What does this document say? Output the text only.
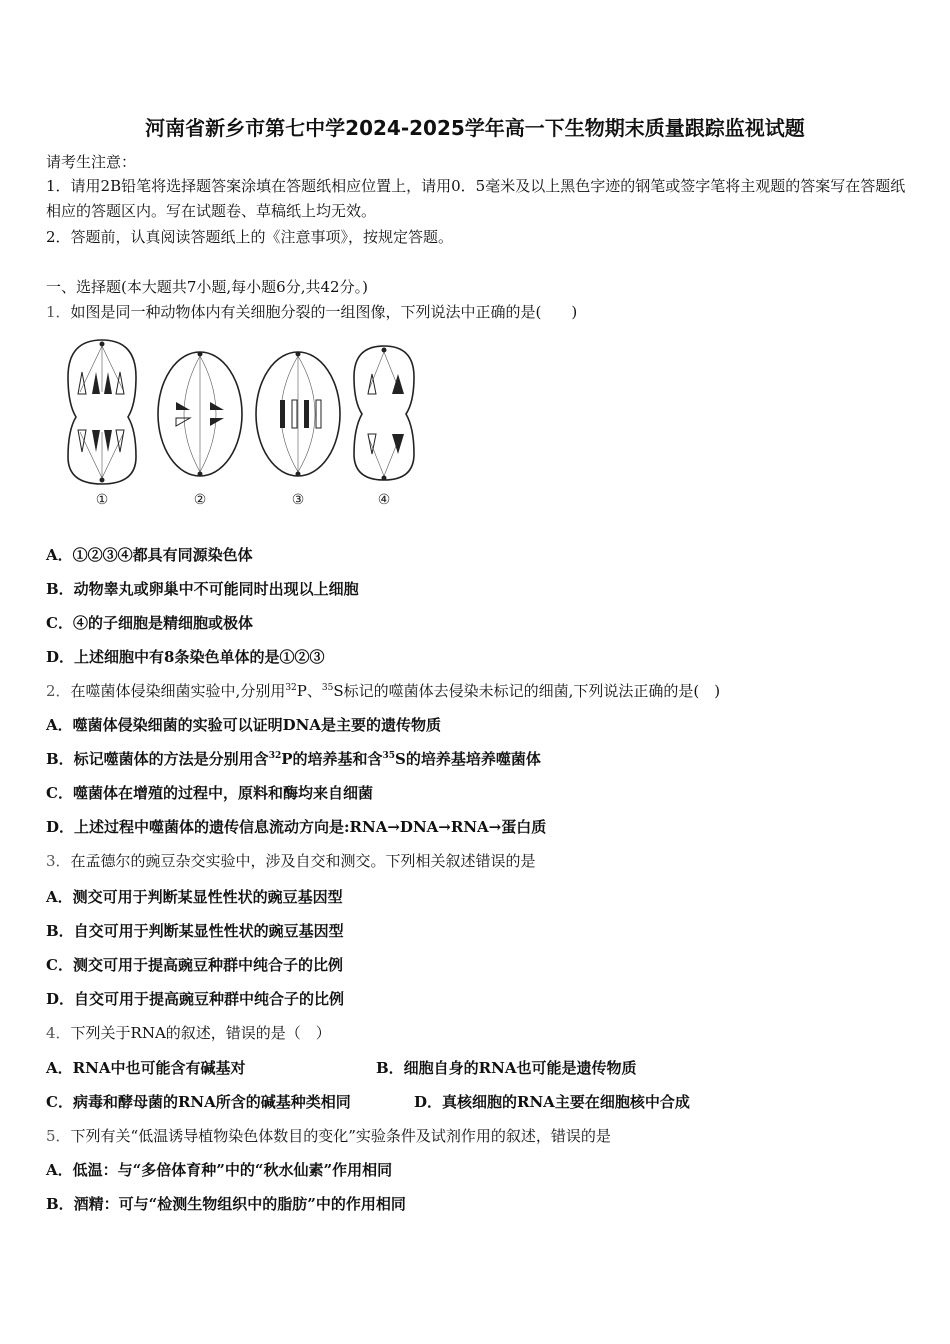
河南省新乡市第七中学2024-2025学年高一下生物期末质量跟踪监视试题
请考生注意：
1．请用2B铅笔将选择题答案涂填在答题纸相应位置上，请用0．5毫米及以上黑色字迹的钢笔或签字笔将主观题的答案写在答题纸相应的答题区内。写在试题卷、草稿纸上均无效。
2．答题前，认真阅读答题纸上的《注意事项》，按规定答题。
一、选择题(本大题共7小题,每小题6分,共42分。)
1．如图是同一种动物体内有关细胞分裂的一组图像，下列说法中正确的是(　　)
①	②	③	④
A．①②③④都具有同源染色体
B．动物睾丸或卵巢中不可能同时出现以上细胞
C．④的子细胞是精细胞或极体
D．上述细胞中有8条染色单体的是①②③
2．在噬菌体侵染细菌实验中,分别用$^{32}$P、$^{35}$S标记的噬菌体去侵染未标记的细菌,下列说法正确的是(　)
A．噬菌体侵染细菌的实验可以证明DNA是主要的遗传物质
B．标记噬菌体的方法是分别用含$^{32}$P的培养基和含$^{35}$S的培养基培养噬菌体
C．噬菌体在增殖的过程中，原料和酶均来自细菌
D．上述过程中噬菌体的遗传信息流动方向是:RNA→DNA→RNA→蛋白质
3．在孟德尔的豌豆杂交实验中，涉及自交和测交。下列相关叙述错误的是
A．测交可用于判断某显性性状的豌豆基因型
B．自交可用于判断某显性性状的豌豆基因型
C．测交可用于提高豌豆种群中纯合子的比例
D．自交可用于提高豌豆种群中纯合子的比例
4．下列关于RNA的叙述，错误的是（　）
A．RNA中也可能含有碱基对	B．细胞自身的RNA也可能是遗传物质
C．病毒和酵母菌的RNA所含的碱基种类相同	D．真核细胞的RNA主要在细胞核中合成
5．下列有关“低温诱导植物染色体数目的变化”实验条件及试剂作用的叙述，错误的是
A．低温：与“多倍体育种”中的“秋水仙素”作用相同
B．酒精：可与“检测生物组织中的脂肪”中的作用相同
